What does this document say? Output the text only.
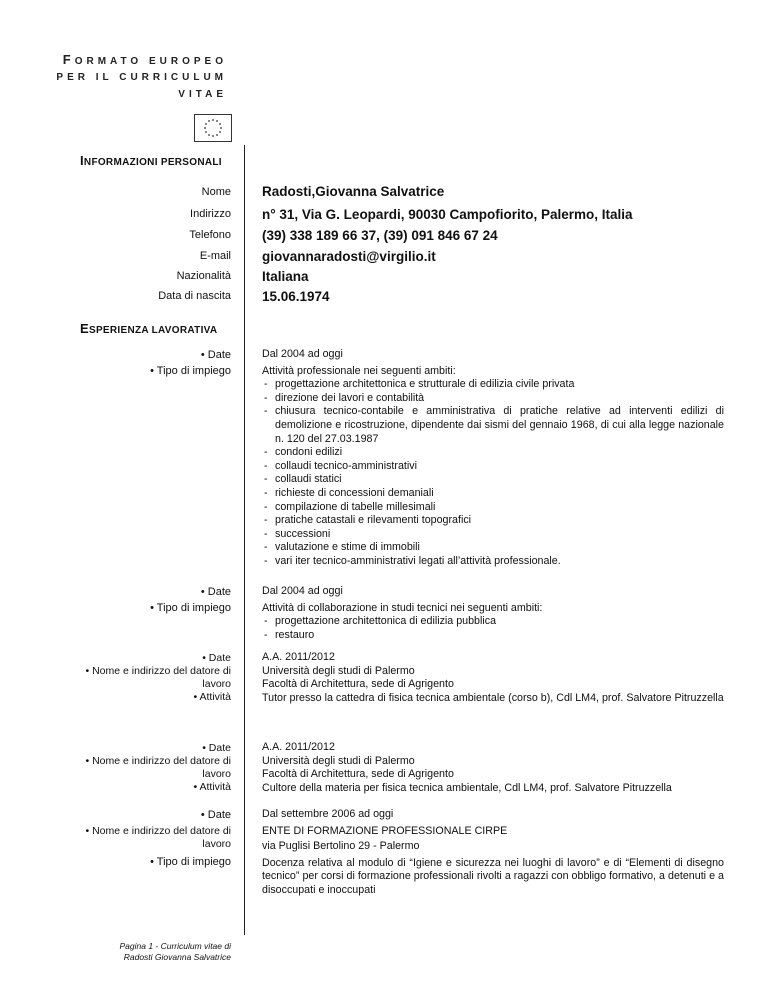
FORMATO EUROPEO
PER IL CURRICULUM
VITAE
INFORMAZIONI PERSONALI
Nome Radosti,Giovanna Salvatrice
Indirizzo n° 31, Via G. Leopardi, 90030 Campofiorito, Palermo, Italia
Telefono (39) 338 189 66 37, (39) 091 846 67 24
E-mail giovannaradosti@virgilio.it
Nazionalità Italiana
Data di nascita 15.06.1974
ESPERIENZA LAVORATIVA
• Date
• Tipo di impiego
Dal 2004 ad oggi
Attività professionale nei seguenti ambiti:
- progettazione architettonica e strutturale di edilizia civile privata
- direzione dei lavori e contabilità
- chiusura tecnico-contabile e amministrativa di pratiche relative ad interventi edilizi di demolizione e ricostruzione, dipendente dai sismi del gennaio 1968, di cui alla legge nazionale n. 120 del 27.03.1987
- condoni edilizi
- collaudi tecnico-amministrativi
- collaudi statici
- richieste di concessioni demaniali
- compilazione di tabelle millesimali
- pratiche catastali e rilevamenti topografici
- successioni
- valutazione e stime di immobili
- vari iter tecnico-amministrativi legati all’attività professionale.
• Date
• Tipo di impiego
Dal 2004 ad oggi
Attività di collaborazione in studi tecnici nei seguenti ambiti:
- progettazione architettonica di edilizia pubblica
- restauro
• Date
• Nome e indirizzo del datore di
lavoro
• Attività
A.A. 2011/2012
Università degli studi di Palermo
Facoltà di Architettura, sede di Agrigento
Tutor presso la cattedra di fisica tecnica ambientale (corso b), Cdl LM4, prof. Salvatore Pitruzzella
• Date
• Nome e indirizzo del datore di
lavoro
• Attività
A.A. 2011/2012
Università degli studi di Palermo
Facoltà di Architettura, sede di Agrigento
Cultore della materia per fisica tecnica ambientale, Cdl LM4, prof. Salvatore Pitruzzella
• Date
• Nome e indirizzo del datore di
lavoro
• Tipo di impiego
Dal settembre 2006 ad oggi
ENTE DI FORMAZIONE PROFESSIONALE CIRPE
via Puglisi Bertolino 29 - Palermo
Docenza relativa al modulo di “Igiene e sicurezza nei luoghi di lavoro” e di “Elementi di disegno tecnico” per corsi di formazione professionali rivolti a ragazzi con obbligo formativo, a detenuti e a disoccupati e inoccupati
Pagina 1 - Curriculum vitae di
Radosti Giovanna Salvatrice
